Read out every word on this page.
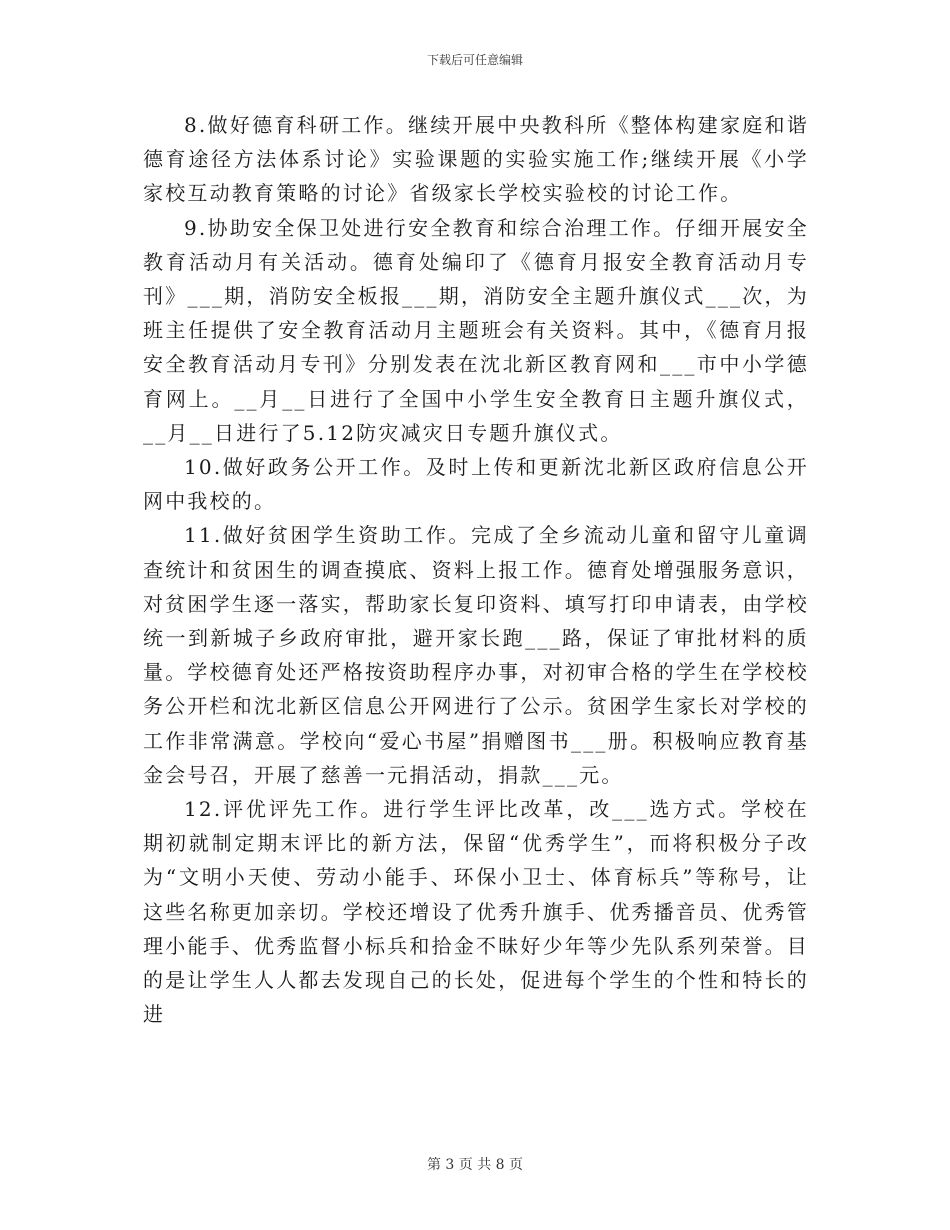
下载后可任意编辑

8.做好德育科研工作。继续开展中央教科所《整体构建家庭和谐德育途径方法体系讨论》实验课题的实验实施工作;继续开展《小学家校互动教育策略的讨论》省级家长学校实验校的讨论工作。

9.协助安全保卫处进行安全教育和综合治理工作。仔细开展安全教育活动月有关活动。德育处编印了《德育月报安全教育活动月专刊》___期，消防安全板报___期，消防安全主题升旗仪式___次，为班主任提供了安全教育活动月主题班会有关资料。其中，《德育月报安全教育活动月专刊》分别发表在沈北新区教育网和___市中小学德育网上。__月__日进行了全国中小学生安全教育日主题升旗仪式，__月__日进行了5.12防灾减灾日专题升旗仪式。

10.做好政务公开工作。及时上传和更新沈北新区政府信息公开网中我校的。

11.做好贫困学生资助工作。完成了全乡流动儿童和留守儿童调查统计和贫困生的调查摸底、资料上报工作。德育处增强服务意识，对贫困学生逐一落实，帮助家长复印资料、填写打印申请表，由学校统一到新城子乡政府审批，避开家长跑___路，保证了审批材料的质量。学校德育处还严格按资助程序办事，对初审合格的学生在学校校务公开栏和沈北新区信息公开网进行了公示。贫困学生家长对学校的工作非常满意。学校向“爱心书屋”捐赠图书___册。积极响应教育基金会号召，开展了慈善一元捐活动，捐款___元。

12.评优评先工作。进行学生评比改革，改___选方式。学校在期初就制定期末评比的新方法，保留“优秀学生”，而将积极分子改为“文明小天使、劳动小能手、环保小卫士、体育标兵”等称号，让这些名称更加亲切。学校还增设了优秀升旗手、优秀播音员、优秀管理小能手、优秀监督小标兵和拾金不昧好少年等少先队系列荣誉。目的是让学生人人都去发现自己的长处，促进每个学生的个性和特长的进

第 3 页 共 8 页
